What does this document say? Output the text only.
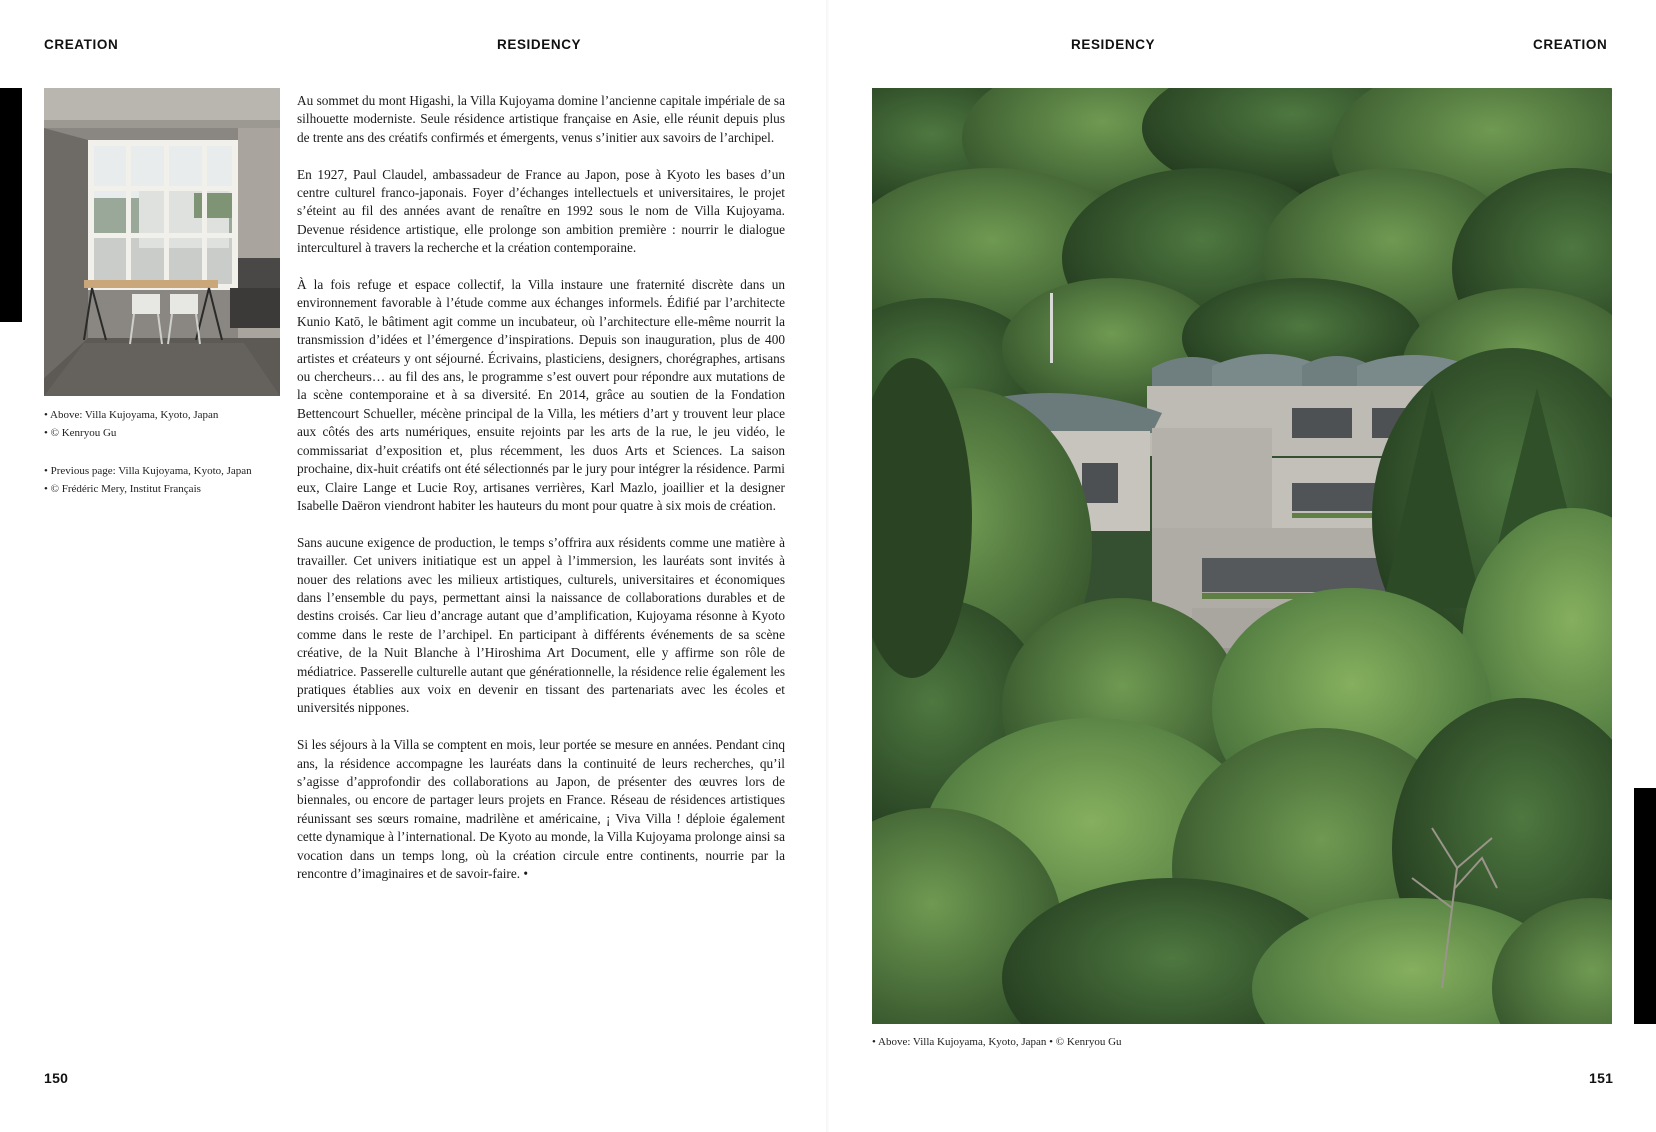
CREATION	RESIDENCY	RESIDENCY	CREATION
• Above: Villa Kujoyama, Kyoto, Japan
• © Kenryou Gu
• Previous page: Villa Kujoyama, Kyoto, Japan
• © Frédéric Mery, Institut Français

Au sommet du mont Higashi, la Villa Kujoyama domine l’ancienne capitale impériale de sa silhouette moderniste. Seule résidence artistique française en Asie, elle réunit depuis plus de trente ans des créatifs confirmés et émergents, venus s’initier aux savoirs de l’archipel.

En 1927, Paul Claudel, ambassadeur de France au Japon, pose à Kyoto les bases d’un centre culturel franco-japonais. Foyer d’échanges intellectuels et universitaires, le projet s’éteint au fil des années avant de renaître en 1992 sous le nom de Villa Kujoyama. Devenue résidence artistique, elle prolonge son ambition première : nourrir le dialogue interculturel à travers la recherche et la création contemporaine.

À la fois refuge et espace collectif, la Villa instaure une fraternité discrète dans un environnement favorable à l’étude comme aux échanges informels. Édifié par l’architecte Kunio Katō, le bâtiment agit comme un incubateur, où l’architecture elle-même nourrit la transmission d’idées et l’émergence d’inspirations. Depuis son inauguration, plus de 400 artistes et créateurs y ont séjourné. Écrivains, plasticiens, designers, chorégraphes, artisans ou chercheurs… au fil des ans, le programme s’est ouvert pour répondre aux mutations de la scène contemporaine et à sa diversité. En 2014, grâce au soutien de la Fondation Bettencourt Schueller, mécène principal de la Villa, les métiers d’art y trouvent leur place aux côtés des arts numériques, ensuite rejoints par les arts de la rue, le jeu vidéo, le commissariat d’exposition et, plus récemment, les duos Arts et Sciences. La saison prochaine, dix-huit créatifs ont été sélectionnés par le jury pour intégrer la résidence. Parmi eux, Claire Lange et Lucie Roy, artisanes verrières, Karl Mazlo, joaillier et la designer Isabelle Daëron viendront habiter les hauteurs du mont pour quatre à six mois de création.

Sans aucune exigence de production, le temps s’offrira aux résidents comme une matière à travailler. Cet univers initiatique est un appel à l’immersion, les lauréats sont invités à nouer des relations avec les milieux artistiques, culturels, universitaires et économiques dans l’ensemble du pays, permettant ainsi la naissance de collaborations durables et de destins croisés. Car lieu d’ancrage autant que d’amplification, Kujoyama résonne à Kyoto comme dans le reste de l’archipel. En participant à différents événements de sa scène créative, de la Nuit Blanche à l’Hiroshima Art Document, elle y affirme son rôle de médiatrice. Passerelle culturelle autant que générationnelle, la résidence relie également les pratiques établies aux voix en devenir en tissant des partenariats avec les écoles et universités nippones.

Si les séjours à la Villa se comptent en mois, leur portée se mesure en années. Pendant cinq ans, la résidence accompagne les lauréats dans la continuité de leurs recherches, qu’il s’agisse d’approfondir des collaborations au Japon, de présenter des œuvres lors de biennales, ou encore de partager leurs projets en France. Réseau de résidences artistiques réunissant ses sœurs romaine, madrilène et américaine, ¡ Viva Villa ! déploie également cette dynamique à l’international. De Kyoto au monde, la Villa Kujoyama prolonge ainsi sa vocation dans un temps long, où la création circule entre continents, nourrie par la rencontre d’imaginaires et de savoir-faire. •

• Above: Villa Kujoyama, Kyoto, Japan • © Kenryou Gu
150	151
